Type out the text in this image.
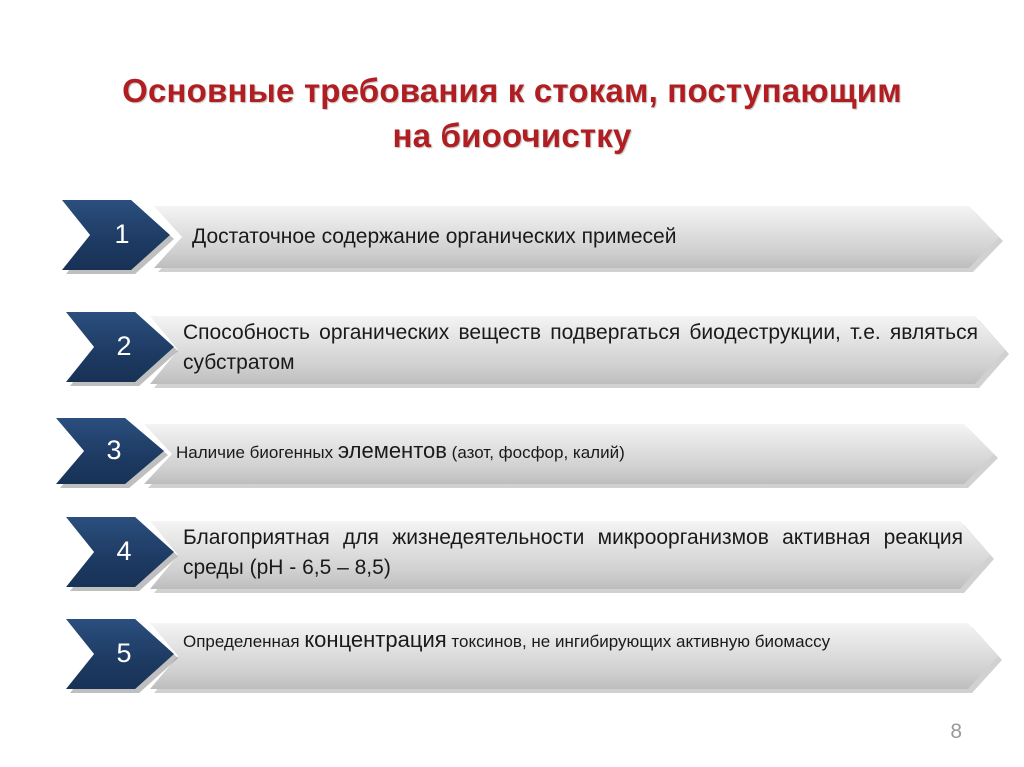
Основные требования к стокам, поступающим
на биоочистку
1	Достаточное содержание органических примесей
2	Способность органических веществ подвергаться биодеструкции, т.е. являться субстратом
3	Наличие биогенных элементов (азот, фосфор, калий)
4	Благоприятная для жизнедеятельности микроорганизмов активная реакция среды (pH - 6,5 – 8,5)
5	Определенная концентрация токсинов, не ингибирующих активную биомассу
8
